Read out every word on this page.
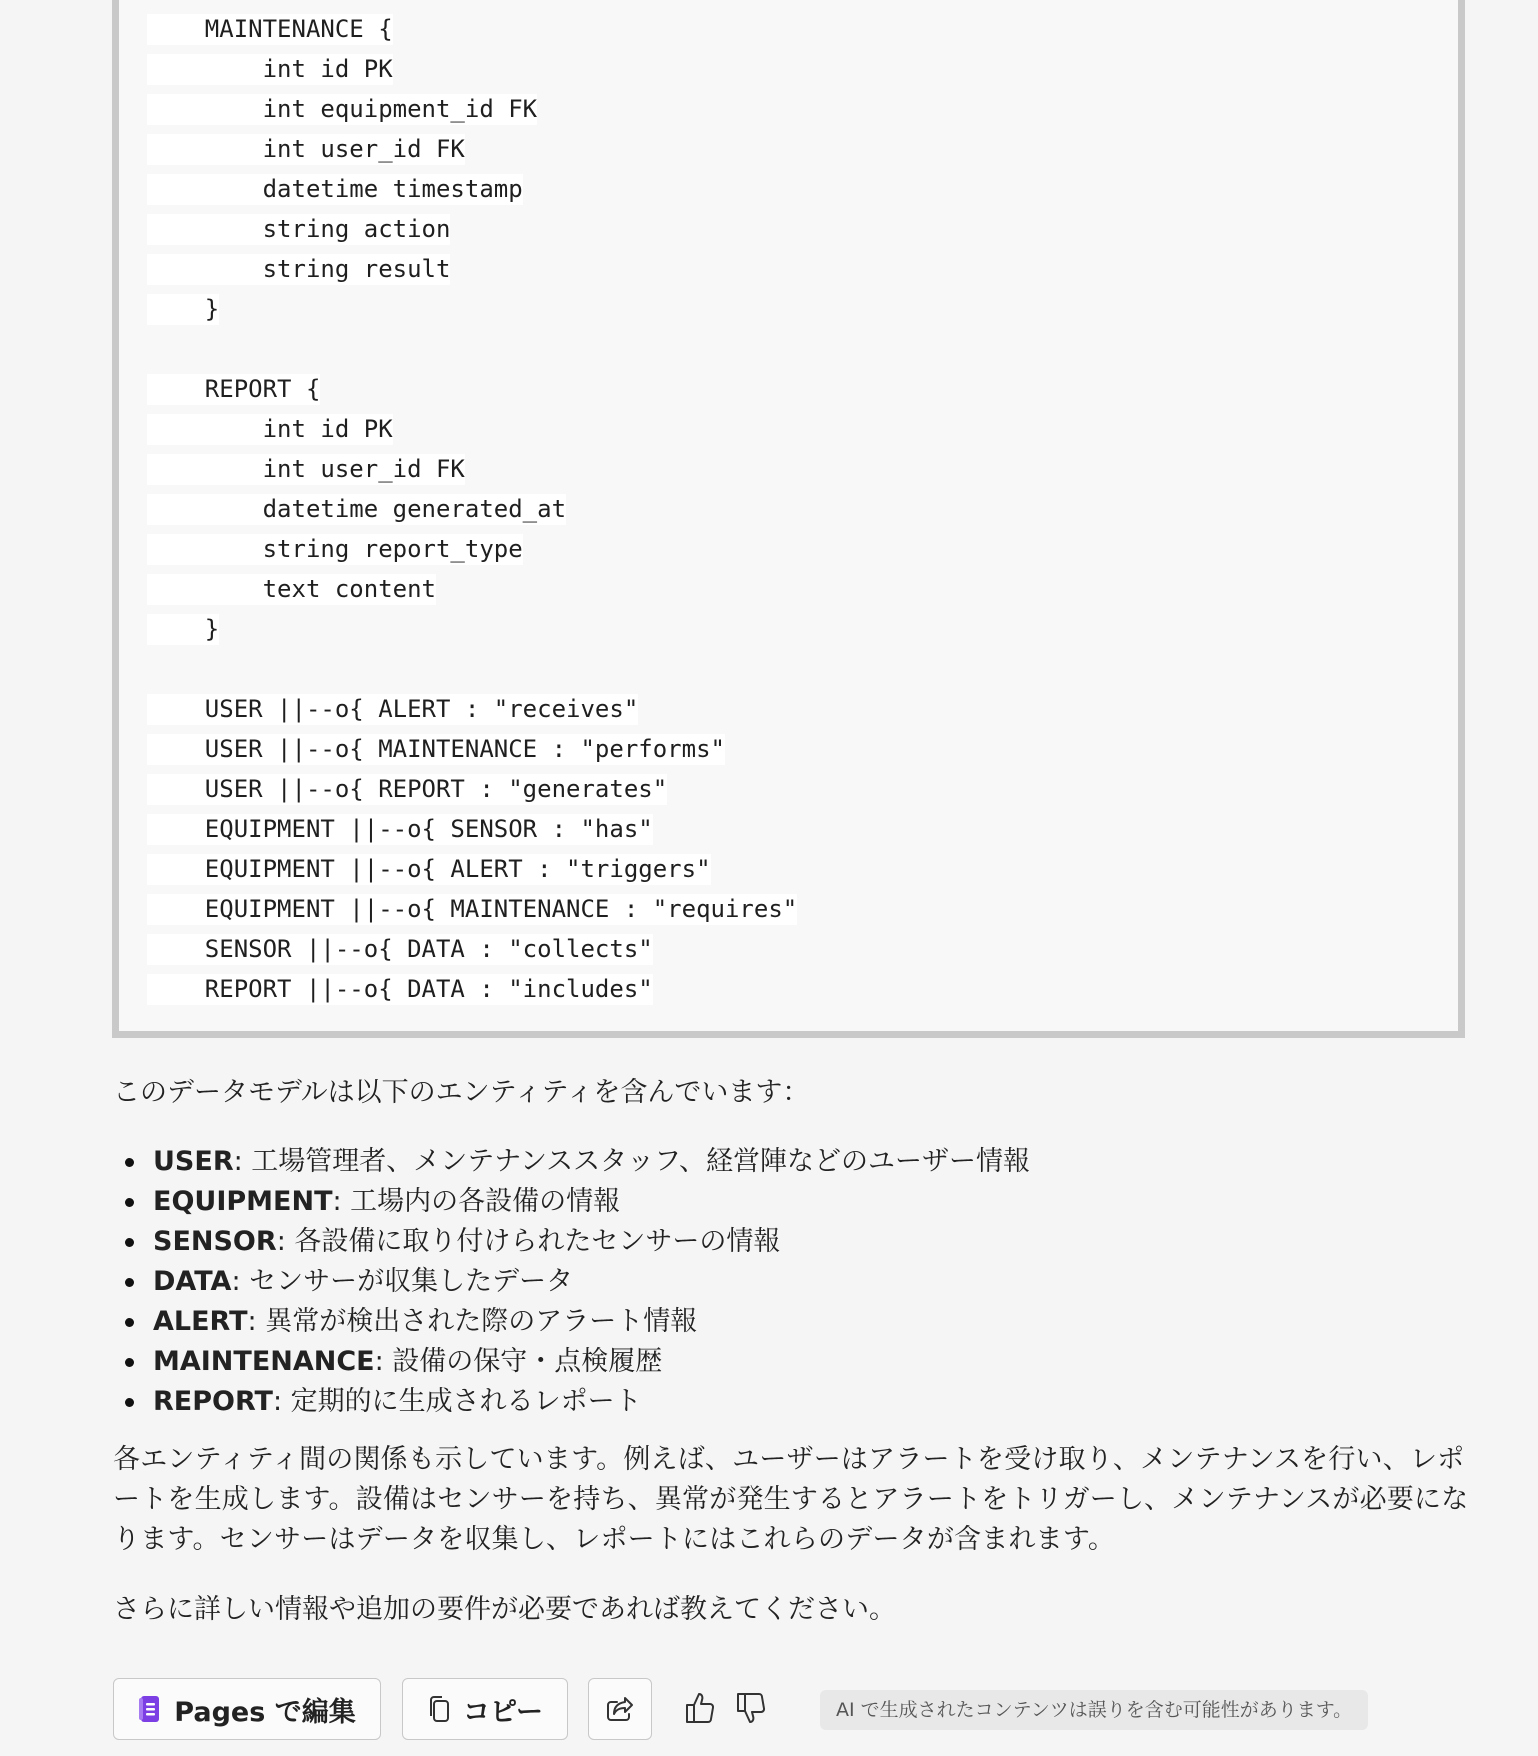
MAINTENANCE {
int id PK
int equipment_id FK
int user_id FK
datetime timestamp
string action
string result
}
REPORT {
int id PK
int user_id FK
datetime generated_at
string report_type
text content
}
USER ||--o{ ALERT : "receives"
USER ||--o{ MAINTENANCE : "performs"
USER ||--o{ REPORT : "generates"
EQUIPMENT ||--o{ SENSOR : "has"
EQUIPMENT ||--o{ ALERT : "triggers"
EQUIPMENT ||--o{ MAINTENANCE : "requires"
SENSOR ||--o{ DATA : "collects"
REPORT ||--o{ DATA : "includes"

このデータモデルは以下のエンティティを含んでいます：

USER: 工場管理者、メンテナンススタッフ、経営陣などのユーザー情報
EQUIPMENT: 工場内の各設備の情報
SENSOR: 各設備に取り付けられたセンサーの情報
DATA: センサーが収集したデータ
ALERT: 異常が検出された際のアラート情報
MAINTENANCE: 設備の保守・点検履歴
REPORT: 定期的に生成されるレポート

各エンティティ間の関係も示しています。例えば、ユーザーはアラートを受け取り、メンテナンスを行い、レポートを生成します。設備はセンサーを持ち、異常が発生するとアラートをトリガーし、メンテナンスが必要になります。センサーはデータを収集し、レポートにはこれらのデータが含まれます。

さらに詳しい情報や追加の要件が必要であれば教えてください。

Pages で編集	コピー	AI で生成されたコンテンツは誤りを含む可能性があります。
